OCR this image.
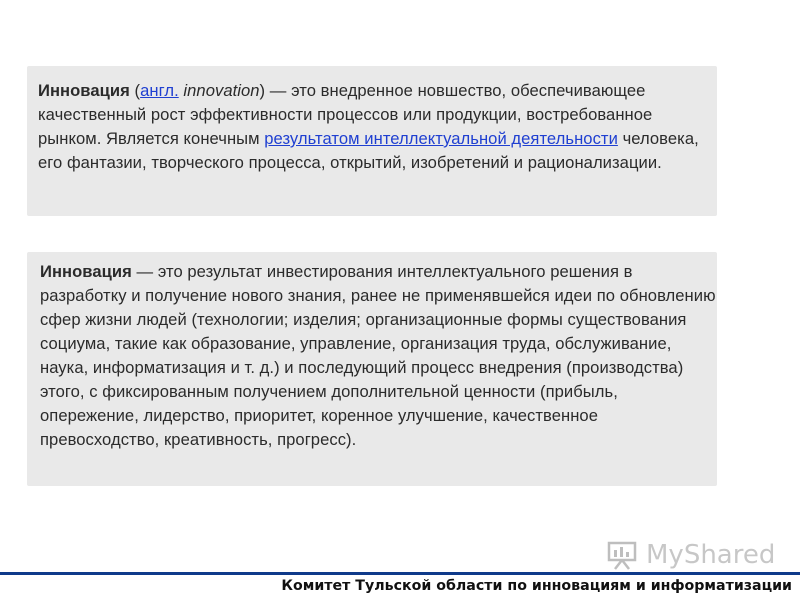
Инновация (англ. innovation) — это внедренное новшество, обеспечивающее качественный рост эффективности процессов или продукции, востребованное рынком. Является конечным результатом интеллектуальной деятельности человека, его фантазии, творческого процесса, открытий, изобретений и рационализации.
Инновация — это результат инвестирования интеллектуального решения в разработку и получение нового знания, ранее не применявшейся идеи по обновлению сфер жизни людей (технологии; изделия; организационные формы существования социума, такие как образование, управление, организация труда, обслуживание, наука, информатизация и т. д.) и последующий процесс внедрения (производства) этого, с фиксированным получением дополнительной ценности (прибыль, опережение, лидерство, приоритет, коренное улучшение, качественное превосходство, креативность, прогресс).
MyShared
Комитет Тульской области по инновациям и информатизации
